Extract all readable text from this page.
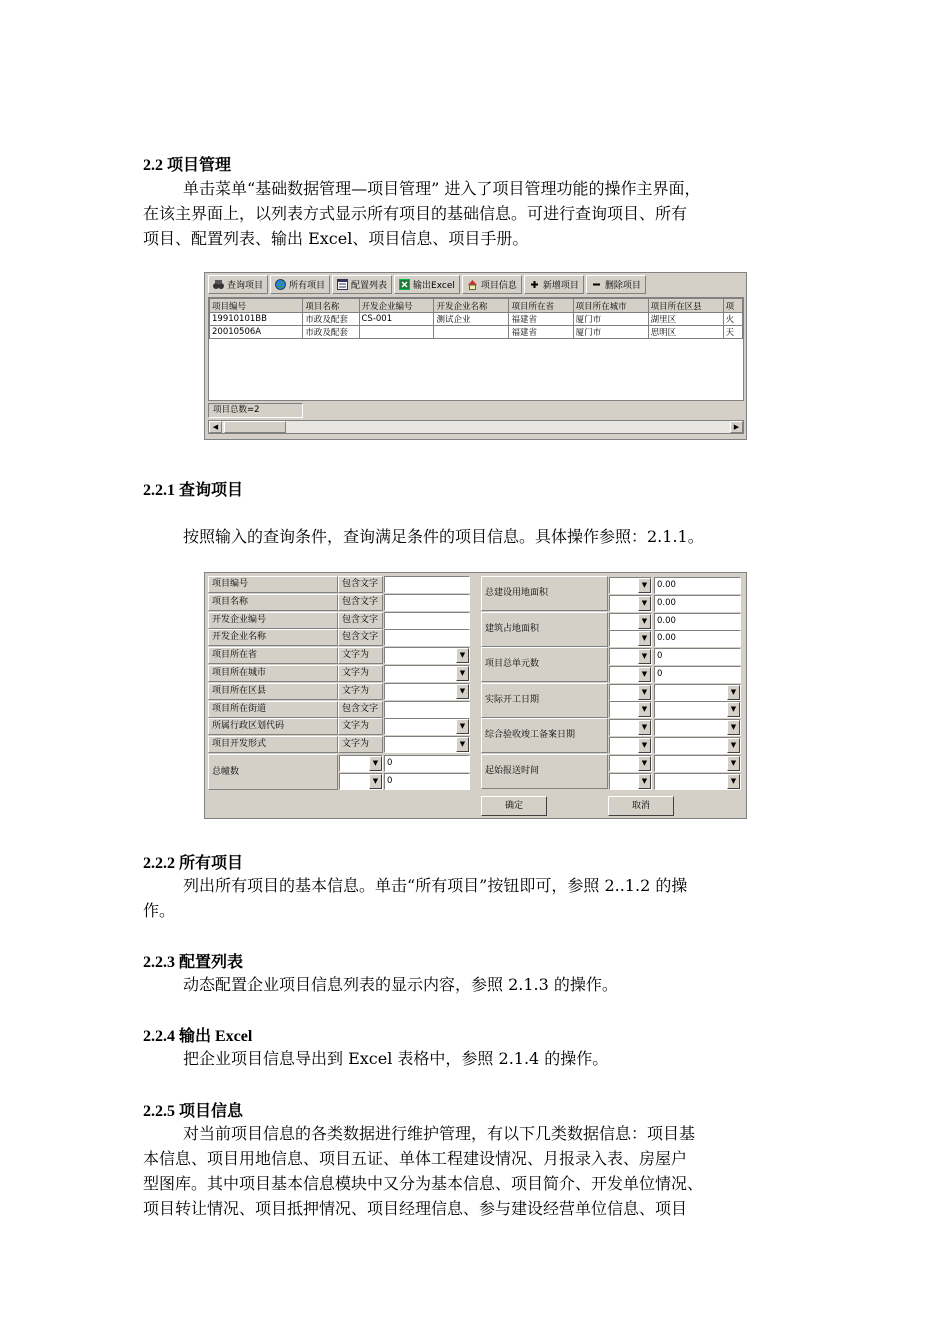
2.2 项目管理
单击菜单“基础数据管理—项目管理” 进入了项目管理功能的操作主界面，
在该主界面上，以列表方式显示所有项目的基础信息。可进行查询项目、所有
项目、配置列表、输出 Excel、项目信息、项目手册。
查询项目	所有项目	配置列表	输出Excel	项目信息	新增项目	删除项目
项目编号	项目名称	开发企业编号	开发企业名称	项目所在省	项目所在城市	项目所在区县	项
19910101BB	市政及配套	CS-001	测试企业	福建省	厦门市	湖里区	火
20010506A	市政及配套			福建省	厦门市	思明区	天
项目总数=2
◀	▶
2.2.1 查询项目
按照输入的查询条件，查询满足条件的项目信息。具体操作参照：2.1.1。
确定	取消
项目编号	包含文字
项目名称	包含文字
开发企业编号	包含文字
开发企业名称	包含文字
项目所在省	文字为	▼
项目所在城市	文字为	▼
项目所在区县	文字为	▼
项目所在街道	包含文字
所属行政区划代码	文字为	▼
项目开发形式	文字为	▼
总幢数
▼	0
▼	0
总建设用地面积
▼	0.00
▼	0.00
建筑占地面积
▼	0.00
▼	0.00
项目总单元数
▼	0
▼	0
实际开工日期
▼	▼
▼	▼
综合验收竣工备案日期
▼	▼
▼	▼
起始报送时间
▼	▼
▼	▼
2.2.2 所有项目
列出所有项目的基本信息。单击“所有项目”按钮即可，参照 2..1.2 的操
作。
2.2.3 配置列表
动态配置企业项目信息列表的显示内容，参照 2.1.3 的操作。
2.2.4 输出 Excel
把企业项目信息导出到 Excel 表格中，参照 2.1.4 的操作。
2.2.5 项目信息
对当前项目信息的各类数据进行维护管理，有以下几类数据信息：项目基
本信息、项目用地信息、项目五证、单体工程建设情况、月报录入表、房屋户
型图库。其中项目基本信息模块中又分为基本信息、项目简介、开发单位情况、
项目转让情况、项目抵押情况、项目经理信息、参与建设经营单位信息、项目
